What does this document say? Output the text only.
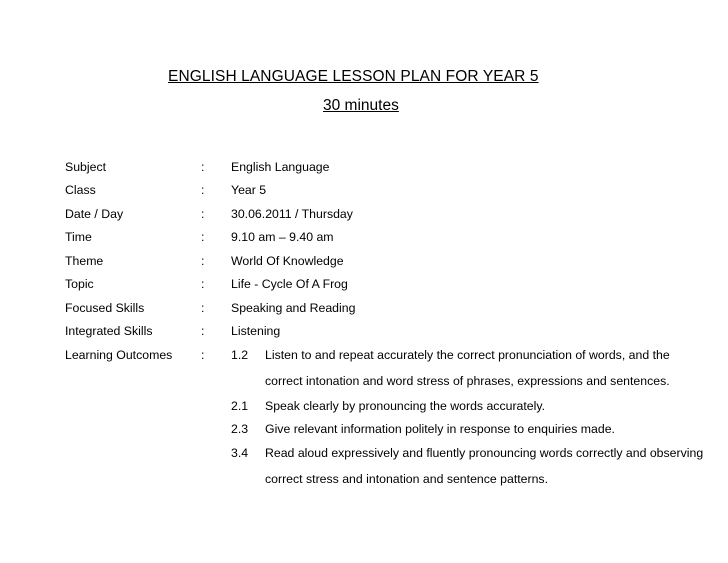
ENGLISH LANGUAGE LESSON PLAN FOR YEAR 5
30 minutes
Subject	: English Language
Class	: Year 5
Date / Day	: 30.06.2011 / Thursday
Time	: 9.10 am – 9.40 am
Theme	: World Of Knowledge
Topic	: Life - Cycle Of A Frog
Focused Skills	: Speaking and Reading
Integrated Skills	: Listening
Learning Outcomes : 1.2 Listen to and repeat accurately the correct pronunciation of words, and the
correct intonation and word stress of phrases, expressions and sentences.
2.1 Speak clearly by pronouncing the words accurately.
2.3 Give relevant information politely in response to enquiries made.
3.4 Read aloud expressively and fluently pronouncing words correctly and observing
correct stress and intonation and sentence patterns.
